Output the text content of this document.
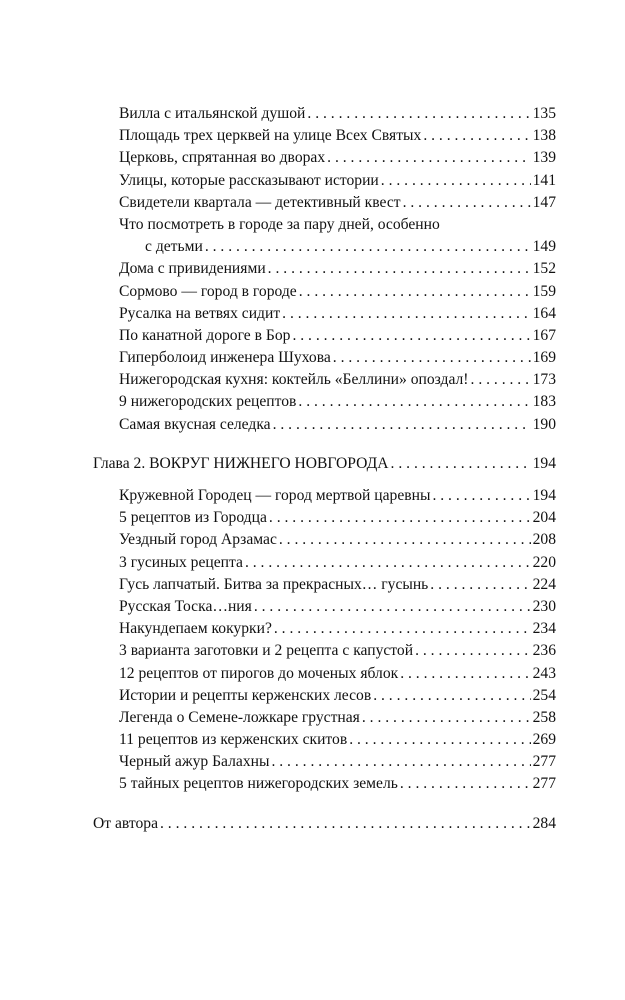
Вилла с итальянской душой . . .	135
Площадь трех церквей на улице Всех Святых . . .	138
Церковь, спрятанная во дворах . . .	139
Улицы, которые рассказывают истории . . .	141
Свидетели квартала — детективный квест . . .	147
Что посмотреть в городе за пару дней, особенно
с детьми . . .	149
Дома с привидениями . . .	152
Сормово — город в городе . . .	159
Русалка на ветвях сидит . . .	164
По канатной дороге в Бор . . .	167
Гиперболоид инженера Шухова . . .	169
Нижегородская кухня: коктейль «Беллини» опоздал! . . .	173
9 нижегородских рецептов . . .	183
Самая вкусная селедка . . .	190
Глава 2. ВОКРУГ НИЖНЕГО НОВГОРОДА . . .	194
Кружевной Городец — город мертвой царевны . . .	194
5 рецептов из Городца . . .	204
Уездный город Арзамас . . .	208
3 гусиных рецепта . . .	220
Гусь лапчатый. Битва за прекрасных… гусынь . . .	224
Русская Тоска…ния . . .	230
Накундепаем кокурки? . . .	234
3 варианта заготовки и 2 рецепта с капустой . . .	236
12 рецептов от пирогов до моченых яблок . . .	243
Истории и рецепты керженских лесов . . .	254
Легенда о Семене-ложкаре грустная . . .	258
11 рецептов из керженских скитов . . .	269
Черный ажур Балахны . . .	277
5 тайных рецептов нижегородских земель . . .	277
От автора . . .	284
